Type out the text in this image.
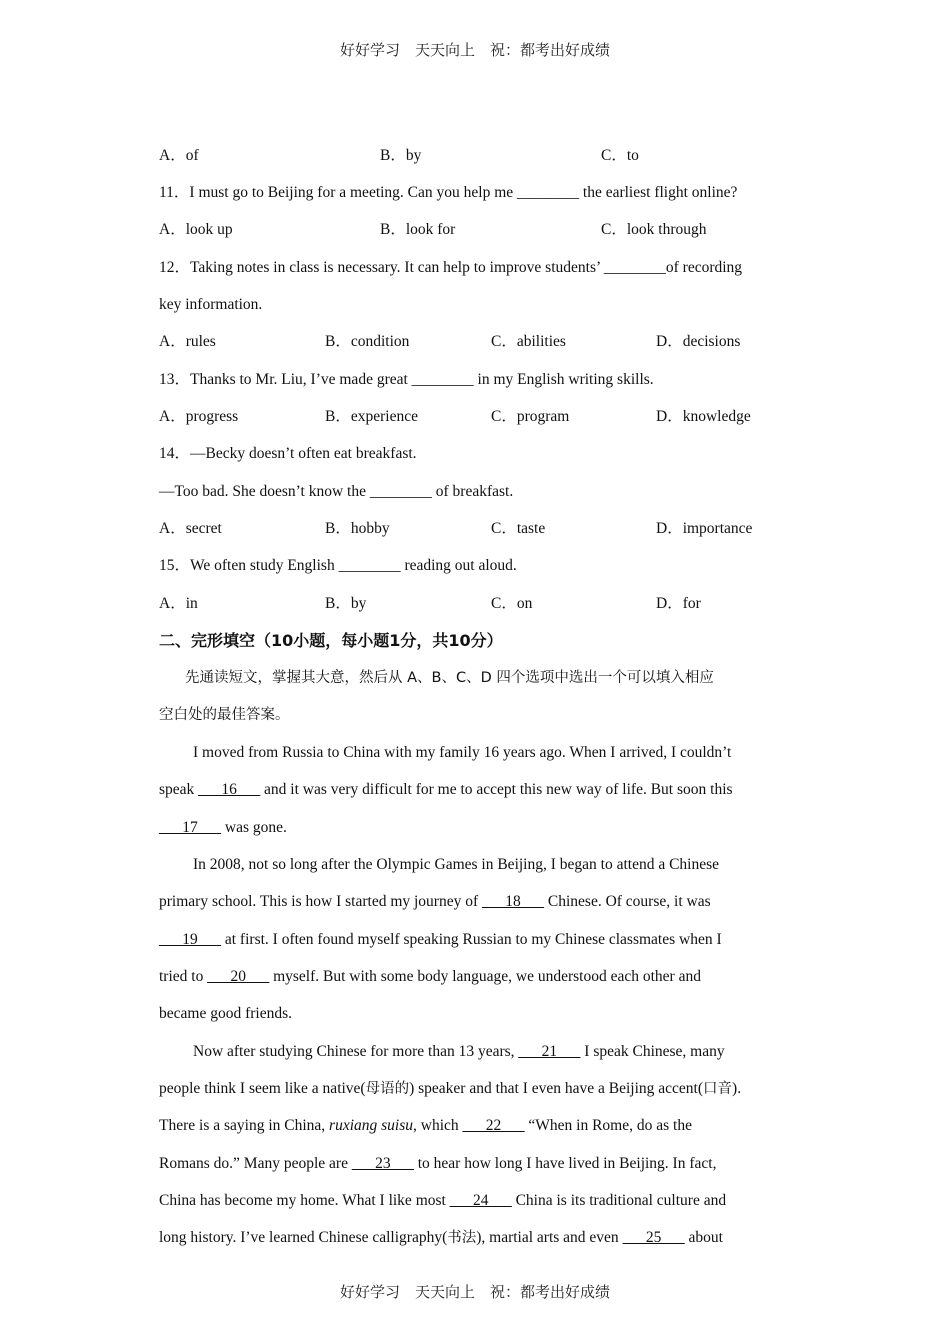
好好学习　天天向上　祝：都考出好成绩
A．of	B．by	C．to
11．I must go to Beijing for a meeting. Can you help me ________ the earliest flight online?
A．look up	B．look for	C．look through
12．Taking notes in class is necessary. It can help to improve students’ ________of recording
key information.
A．rules	B．condition	C．abilities	D．decisions
13．Thanks to Mr. Liu, I’ve made great ________ in my English writing skills.
A．progress	B．experience	C．program	D．knowledge
14．—Becky doesn’t often eat breakfast.
—Too bad. She doesn’t know the ________ of breakfast.
A．secret	B．hobby	C．taste	D．importance
15．We often study English ________ reading out aloud.
A．in	B．by	C．on	D．for
二、完形填空（10小题，每小题1分，共10分）
先通读短文，掌握其大意，然后从 A、B、C、D 四个选项中选出一个可以填入相应
空白处的最佳答案。
I moved from Russia to China with my family 16 years ago. When I arrived, I couldn’t
speak ___16___ and it was very difficult for me to accept this new way of life. But soon this
___17___ was gone.
In 2008, not so long after the Olympic Games in Beijing, I began to attend a Chinese
primary school. This is how I started my journey of ___18___ Chinese. Of course, it was
___19___ at first. I often found myself speaking Russian to my Chinese classmates when I
tried to ___20___ myself. But with some body language, we understood each other and
became good friends.
Now after studying Chinese for more than 13 years, ___21___ I speak Chinese, many
people think I seem like a native(母语的) speaker and that I even have a Beijing accent(口音).
There is a saying in China, ruxiang suisu, which ___22___ “When in Rome, do as the
Romans do.” Many people are ___23___ to hear how long I have lived in Beijing. In fact,
China has become my home. What I like most ___24___ China is its traditional culture and
long history. I’ve learned Chinese calligraphy(书法), martial arts and even ___25___ about
好好学习　天天向上　祝：都考出好成绩
